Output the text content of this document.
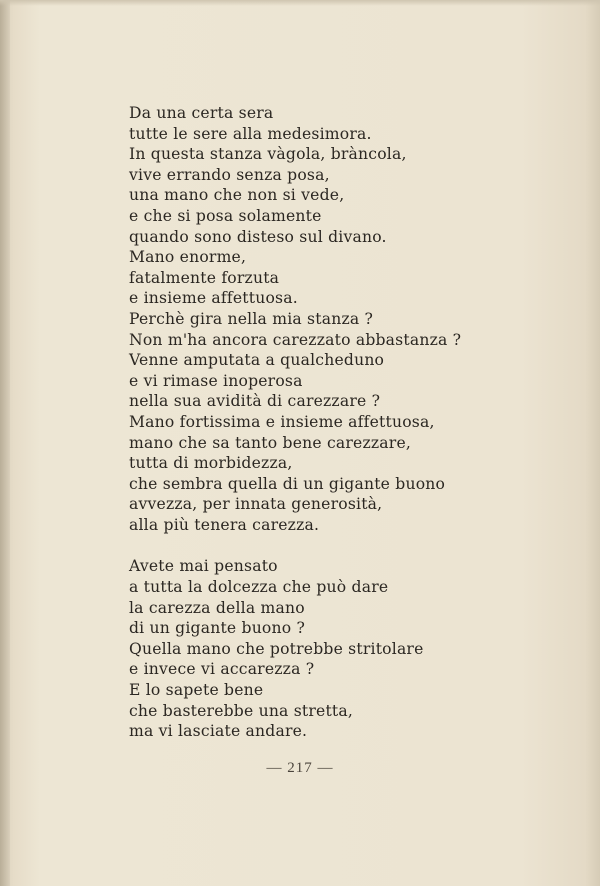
Da una certa sera
tutte le sere alla medesimora.
In questa stanza vàgola, bràncola,
vive errando senza posa,
una mano che non si vede,
e che si posa solamente
quando sono disteso sul divano.
Mano enorme,
fatalmente forzuta
e insieme affettuosa.
Perchè gira nella mia stanza ?
Non m'ha ancora carezzato abbastanza ?
Venne amputata a qualcheduno
e vi rimase inoperosa
nella sua avidità di carezzare ?
Mano fortissima e insieme affettuosa,
mano che sa tanto bene carezzare,
tutta di morbidezza,
che sembra quella di un gigante buono
avvezza, per innata generosità,
alla più tenera carezza.
Avete mai pensato
a tutta la dolcezza che può dare
la carezza della mano
di un gigante buono ?
Quella mano che potrebbe stritolare
e invece vi accarezza ?
E lo sapete bene
che basterebbe una stretta,
ma vi lasciate andare.
— 217 —
